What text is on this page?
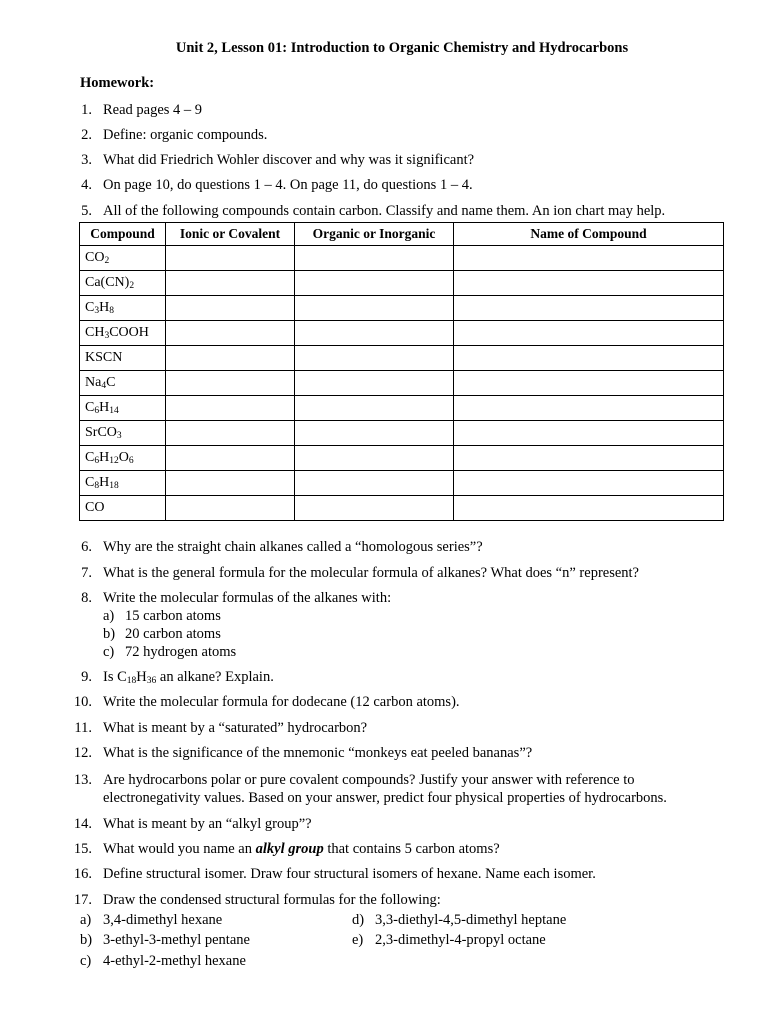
Unit 2, Lesson 01: Introduction to Organic Chemistry and Hydrocarbons
Homework:
1. Read pages 4 – 9
2. Define: organic compounds.
3. What did Friedrich Wohler discover and why was it significant?
4. On page 10, do questions 1 – 4. On page 11, do questions 1 – 4.
5. All of the following compounds contain carbon. Classify and name them. An ion chart may help.
Compound	Ionic or Covalent	Organic or Inorganic	Name of Compound
$CO_2$			
$Ca(CN)_2$			
$C_3H_8$			
$CH_3COOH$			
KSCN			
$Na_4C$			
$C_6H_{14}$			
SrCO$_3$			
$C_6H_{12}O_6$			
$C_8H_{18}$			
CO			
6. Why are the straight chain alkanes called a “homologous series”?
7. What is the general formula for the molecular formula of alkanes? What does “n” represent?
8. Write the molecular formulas of the alkanes with:
a) 15 carbon atoms
b) 20 carbon atoms
c) 72 hydrogen atoms
9. Is $C_{18}H_{36}$ an alkane? Explain.
10. Write the molecular formula for dodecane (12 carbon atoms).
11. What is meant by a “saturated” hydrocarbon?
12. What is the significance of the mnemonic “monkeys eat peeled bananas”?
13. Are hydrocarbons polar or pure covalent compounds? Justify your answer with reference to
electronegativity values. Based on your answer, predict four physical properties of hydrocarbons.
14. What is meant by an “alkyl group”?
15. What would you name an alkyl group that contains 5 carbon atoms?
16. Define structural isomer. Draw four structural isomers of hexane. Name each isomer.
17. Draw the condensed structural formulas for the following:
a) 3,4-dimethyl hexane	d) 3,3-diethyl-4,5-dimethyl heptane
b) 3-ethyl-3-methyl pentane	e) 2,3-dimethyl-4-propyl octane
c) 4-ethyl-2-methyl hexane
